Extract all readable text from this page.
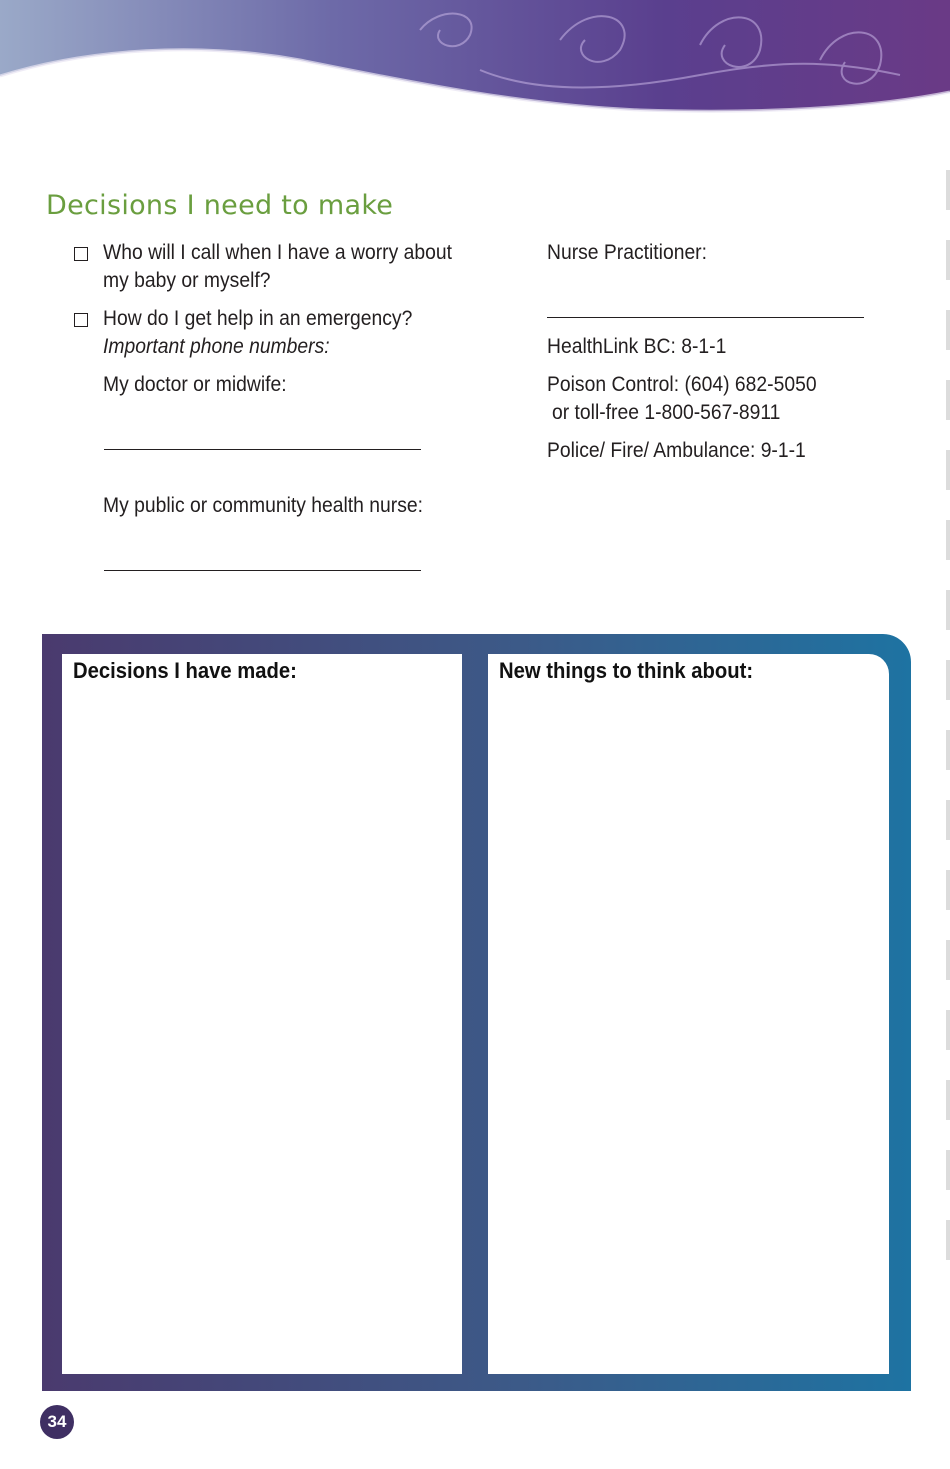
Decisions I need to make
Who will I call when I have a worry about
my baby or myself?
How do I get help in an emergency?
Important phone numbers:
My doctor or midwife:
My public or community health nurse:
Nurse Practitioner:
HealthLink BC: 8-1-1
Poison Control: (604) 682-5050
or toll-free 1-800-567-8911
Police/ Fire/ Ambulance: 9-1-1
Decisions I have made:	New things to think about:
34
